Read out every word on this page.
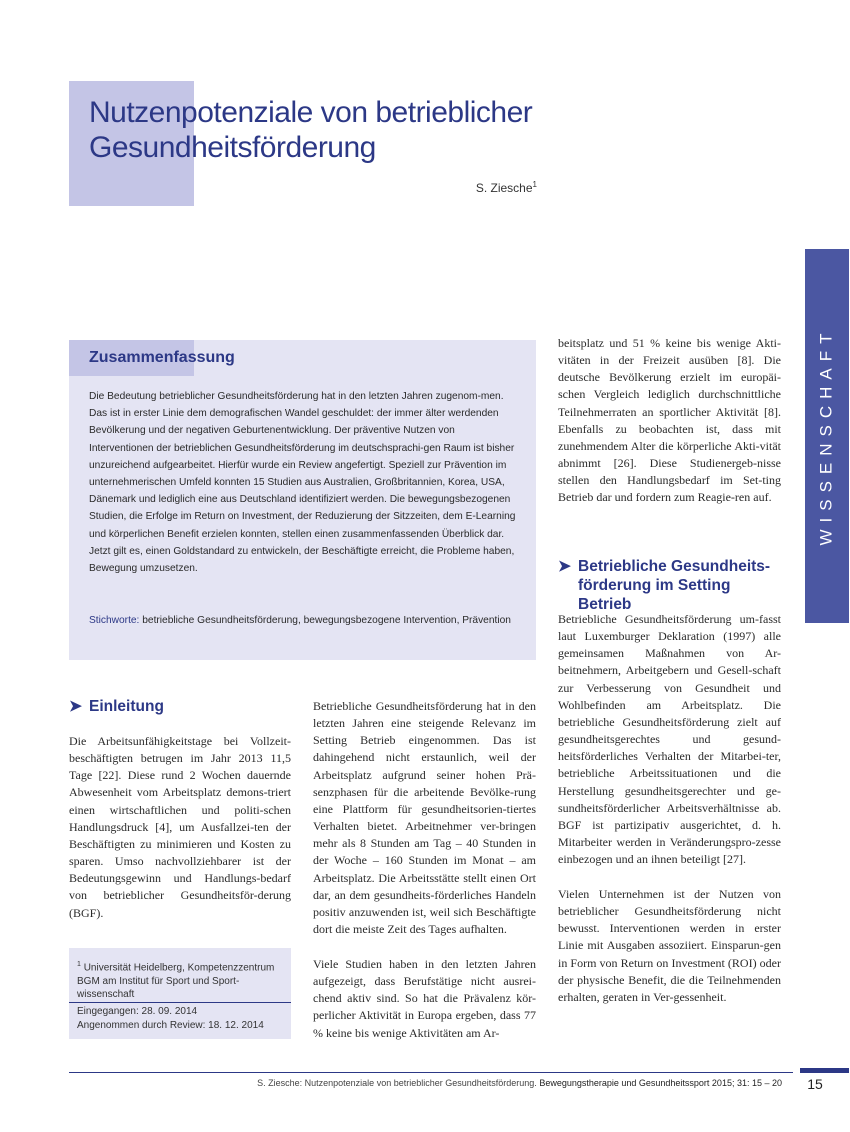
Nutzenpotenziale von betrieblicher Gesundheitsförderung
S. Ziesche$^1$
WISSENSCHAFT
Zusammenfassung

Die Bedeutung betrieblicher Gesundheitsförderung hat in den letzten Jahren zugenom-men. Das ist in erster Linie dem demografischen Wandel geschuldet: der immer älter werdenden Bevölkerung und der negativen Geburtenentwicklung. Der präventive Nutzen von Interventionen der betrieblichen Gesundheitsförderung im deutschsprachi-gen Raum ist bisher unzureichend aufgearbeitet. Hierfür wurde ein Review angefertigt. Speziell zur Prävention im unternehmerischen Umfeld konnten 15 Studien aus Australien, Großbritannien, Korea, USA, Dänemark und lediglich eine aus Deutschland identifiziert werden. Die bewegungsbezogenen Studien, die Erfolge im Return on Investment, der Reduzierung der Sitzzeiten, dem E-Learning und körperlichen Benefit erzielen konnten, stellen einen zusammenfassenden Überblick dar. Jetzt gilt es, einen Goldstandard zu entwickeln, der Beschäftigte erreicht, die Probleme haben, Bewegung umzusetzen.

Stichworte: betriebliche Gesundheitsförderung, bewegungsbezogene Intervention, Prävention

➤ Einleitung

Die Arbeitsunfähigkeitstage bei Vollzeit-beschäftigten betrugen im Jahr 2013 11,5 Tage [22]. Diese rund 2 Wochen dauernde Abwesenheit vom Arbeitsplatz demons-triert einen wirtschaftlichen und politi-schen Handlungsdruck [4], um Ausfallzei-ten der Beschäftigten zu minimieren und Kosten zu sparen. Umso nachvollziehbarer ist der Bedeutungsgewinn und Handlungs-bedarf von betrieblicher Gesundheitsför-derung (BGF).

$^1$ Universität Heidelberg, Kompetenzzentrum BGM am Institut für Sport und Sport-wissenschaft

Eingegangen: 28. 09. 2014
Angenommen durch Review: 18. 12. 2014

Betriebliche Gesundheitsförderung hat in den letzten Jahren eine steigende Relevanz im Setting Betrieb eingenommen. Das ist dahingehend nicht erstaunlich, weil der Arbeitsplatz aufgrund seiner hohen Prä-senzphasen für die arbeitende Bevölke-rung eine Plattform für gesundheitsorien-tiertes Verhalten bietet. Arbeitnehmer ver-bringen mehr als 8 Stunden am Tag – 40 Stunden in der Woche – 160 Stunden im Monat – am Arbeitsplatz. Die Arbeitsstätte stellt einen Ort dar, an dem gesundheits-förderliches Handeln positiv anzuwenden ist, weil sich Beschäftigte dort die meiste Zeit des Tages aufhalten.

Viele Studien haben in den letzten Jahren aufgezeigt, dass Berufstätige nicht ausrei-chend aktiv sind. So hat die Prävalenz kör-perlicher Aktivität in Europa ergeben, dass 77 % keine bis wenige Aktivitäten am Ar-

beitsplatz und 51 % keine bis wenige Akti-vitäten in der Freizeit ausüben [8]. Die deutsche Bevölkerung erzielt im europäi-schen Vergleich lediglich durchschnittliche Teilnehmerraten an sportlicher Aktivität [8]. Ebenfalls zu beobachten ist, dass mit zunehmendem Alter die körperliche Akti-vität abnimmt [26]. Diese Studienergeb-nisse stellen den Handlungsbedarf im Set-ting Betrieb dar und fordern zum Reagie-ren auf.

➤ Betriebliche Gesundheits-förderung im Setting Betrieb

Betriebliche Gesundheitsförderung um-fasst laut Luxemburger Deklaration (1997) alle gemeinsamen Maßnahmen von Ar-beitnehmern, Arbeitgebern und Gesell-schaft zur Verbesserung von Gesundheit und Wohlbefinden am Arbeitsplatz. Die betriebliche Gesundheitsförderung zielt auf gesundheitsgerechtes und gesund-heitsförderliches Verhalten der Mitarbei-ter, betriebliche Arbeitssituationen und die Herstellung gesundheitsgerechter und ge-sundheitsförderlicher Arbeitsverhältnisse ab. BGF ist partizipativ ausgerichtet, d. h. Mitarbeiter werden in Veränderungspro-zesse einbezogen und an ihnen beteiligt [27].

Vielen Unternehmen ist der Nutzen von betrieblicher Gesundheitsförderung nicht bewusst. Interventionen werden in erster Linie mit Ausgaben assoziiert. Einsparun-gen in Form von Return on Investment (ROI) oder der physische Benefit, die die Teilnehmenden erhalten, geraten in Ver-gessenheit.

S. Ziesche: Nutzenpotenziale von betrieblicher Gesundheitsförderung. Bewegungstherapie und Gesundheitssport 2015; 31: 15 – 20	15
